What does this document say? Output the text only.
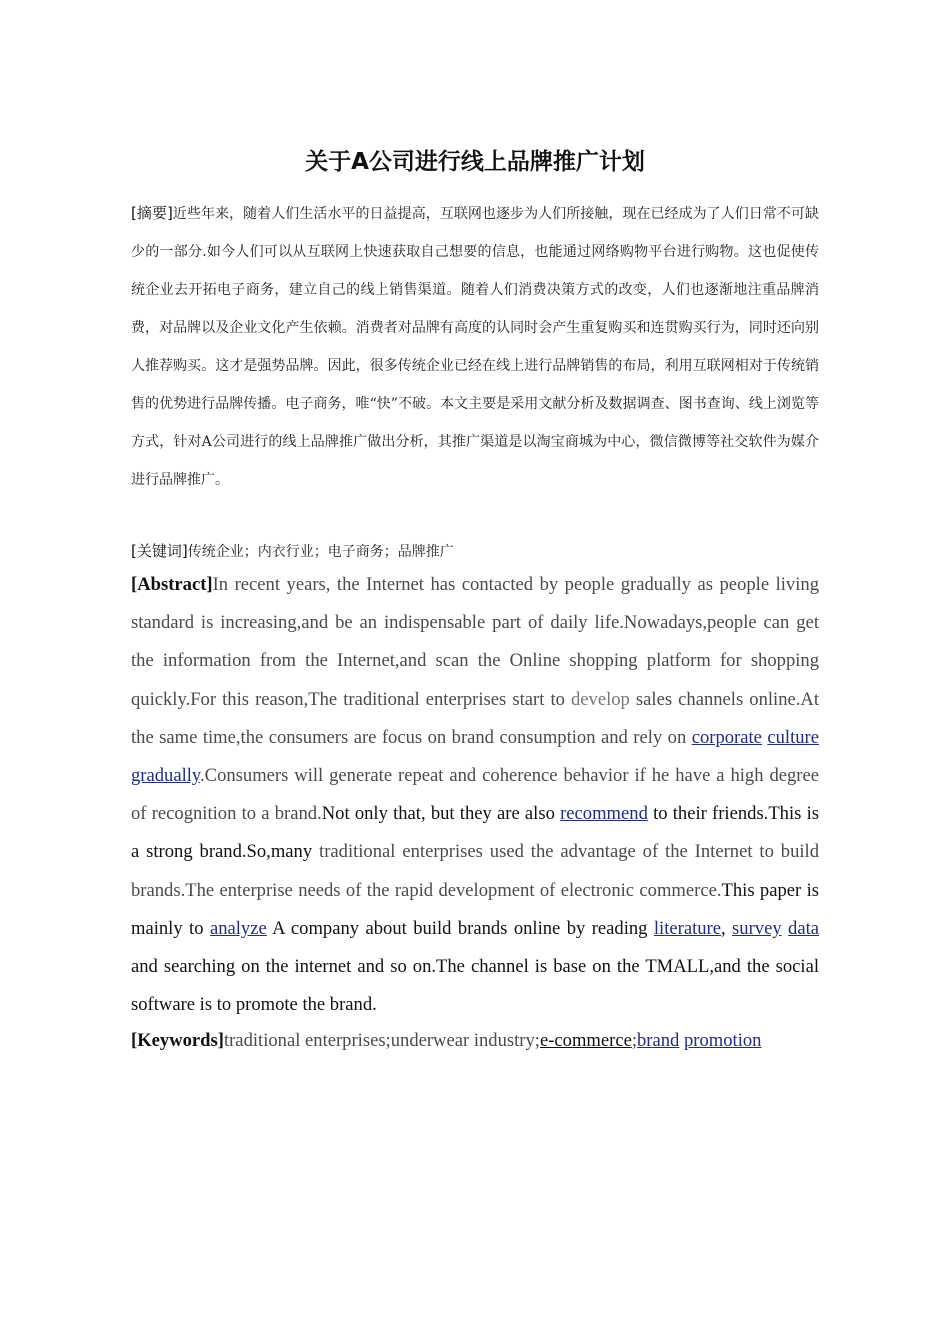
关于A公司进行线上品牌推广计划

[摘要]近些年来，随着人们生活水平的日益提高，互联网也逐步为人们所接触，现在已经成为了人们日常不可缺少的一部分.如今人们可以从互联网上快速获取自己想要的信息，也能通过网络购物平台进行购物。这也促使传统企业去开拓电子商务，建立自己的线上销售渠道。随着人们消费决策方式的改变，人们也逐渐地注重品牌消费，对品牌以及企业文化产生依赖。消费者对品牌有高度的认同时会产生重复购买和连贯购买行为，同时还向别人推荐购买。这才是强势品牌。因此，很多传统企业已经在线上进行品牌销售的布局，利用互联网相对于传统销售的优势进行品牌传播。电子商务，唯“快”不破。本文主要是采用文献分析及数据调查、图书查询、线上浏览等方式，针对A公司进行的线上品牌推广做出分析，其推广渠道是以淘宝商城为中心，微信微博等社交软件为媒介进行品牌推广。

[关键词]传统企业；内衣行业；电子商务；品牌推广

[Abstract]In recent years, the Internet has contacted by people gradually as people living standard is increasing,and be an indispensable part of daily life.Nowadays,people can get the information from the Internet,and scan the Online shopping platform for shopping quickly.For this reason,The traditional enterprises start to develop sales channels online.At the same time,the consumers are focus on brand consumption and rely on corporate culture gradually.Consumers will generate repeat and coherence behavior if he have a high degree of recognition to a brand.Not only that, but they are also recommend to their friends.This is a strong brand.So,many traditional enterprises used the advantage of the Internet to build brands.The enterprise needs of the rapid development of electronic commerce.This paper is mainly to analyze A company about build brands online by reading literature, survey data and searching on the internet and so on.The channel is base on the TMALL,and the social software is to promote the brand.

[Keywords]traditional enterprises;underwear industry;e-commerce;brand promotion
